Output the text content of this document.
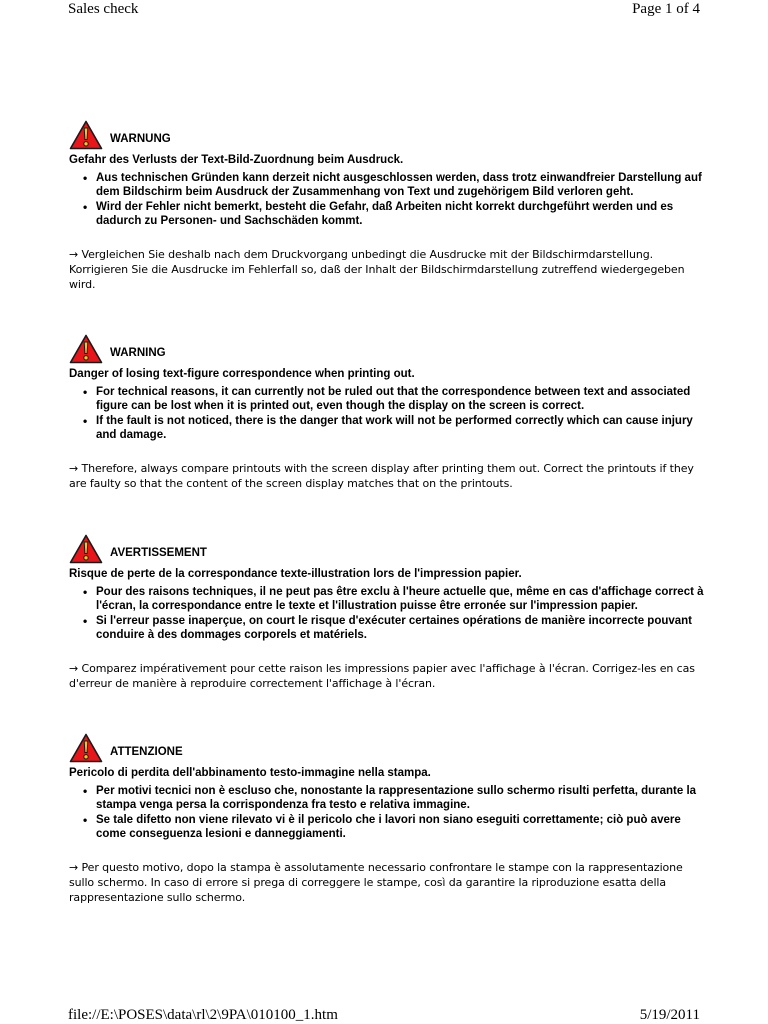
Sales check	Page 1 of 4
WARNUNG
Gefahr des Verlusts der Text-Bild-Zuordnung beim Ausdruck.
• Aus technischen Gründen kann derzeit nicht ausgeschlossen werden, dass trotz einwandfreier Darstellung auf dem Bildschirm beim Ausdruck der Zusammenhang von Text und zugehörigem Bild verloren geht.
• Wird der Fehler nicht bemerkt, besteht die Gefahr, daß Arbeiten nicht korrekt durchgeführt werden und es dadurch zu Personen- und Sachschäden kommt.
→ Vergleichen Sie deshalb nach dem Druckvorgang unbedingt die Ausdrucke mit der Bildschirmdarstellung. Korrigieren Sie die Ausdrucke im Fehlerfall so, daß der Inhalt der Bildschirmdarstellung zutreffend wiedergegeben wird.
WARNING
Danger of losing text-figure correspondence when printing out.
• For technical reasons, it can currently not be ruled out that the correspondence between text and associated figure can be lost when it is printed out, even though the display on the screen is correct.
• If the fault is not noticed, there is the danger that work will not be performed correctly which can cause injury and damage.
→ Therefore, always compare printouts with the screen display after printing them out. Correct the printouts if they are faulty so that the content of the screen display matches that on the printouts.
AVERTISSEMENT
Risque de perte de la correspondance texte-illustration lors de l'impression papier.
• Pour des raisons techniques, il ne peut pas être exclu à l'heure actuelle que, même en cas d'affichage correct à l'écran, la correspondance entre le texte et l'illustration puisse être erronée sur l'impression papier.
• Si l'erreur passe inaperçue, on court le risque d'exécuter certaines opérations de manière incorrecte pouvant conduire à des dommages corporels et matériels.
→ Comparez impérativement pour cette raison les impressions papier avec l'affichage à l'écran. Corrigez-les en cas d'erreur de manière à reproduire correctement l'affichage à l'écran.
ATTENZIONE
Pericolo di perdita dell'abbinamento testo-immagine nella stampa.
• Per motivi tecnici non è escluso che, nonostante la rappresentazione sullo schermo risulti perfetta, durante la stampa venga persa la corrispondenza fra testo e relativa immagine.
• Se tale difetto non viene rilevato vi è il pericolo che i lavori non siano eseguiti correttamente; ciò può avere come conseguenza lesioni e danneggiamenti.
→ Per questo motivo, dopo la stampa è assolutamente necessario confrontare le stampe con la rappresentazione sullo schermo. In caso di errore si prega di correggere le stampe, così da garantire la riproduzione esatta della rappresentazione sullo schermo.
file://E:\POSES\data\rl\2\9PA\010100_1.htm	5/19/2011
